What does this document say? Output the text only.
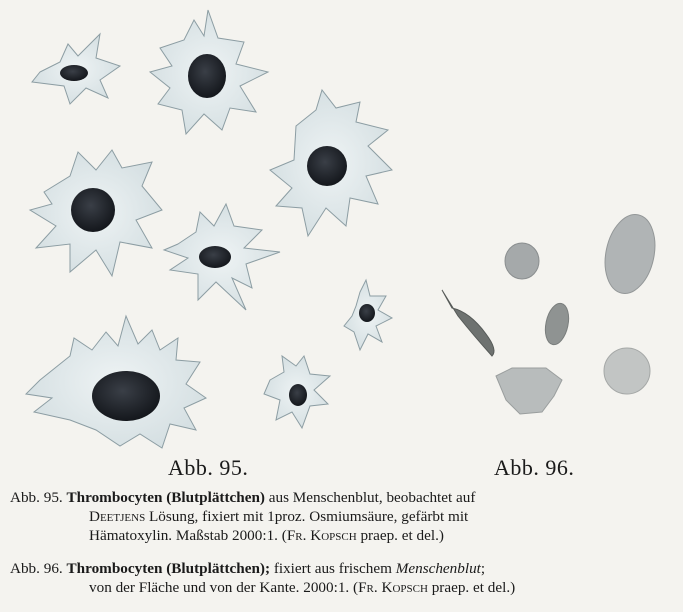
Abb. 95.	Abb. 96.
Abb. 95. Thrombocyten (Blutplättchen) aus Menschenblut, beobachtet auf
Deetjens Lösung, fixiert mit 1proz. Osmiumsäure, gefärbt mit
Hämatoxylin. Maßstab 2000:1. (Fr. Kopsch praep. et del.)
Abb. 96. Thrombocyten (Blutplättchen); fixiert aus frischem Menschenblut;
von der Fläche und von der Kante. 2000:1. (Fr. Kopsch praep. et del.)
